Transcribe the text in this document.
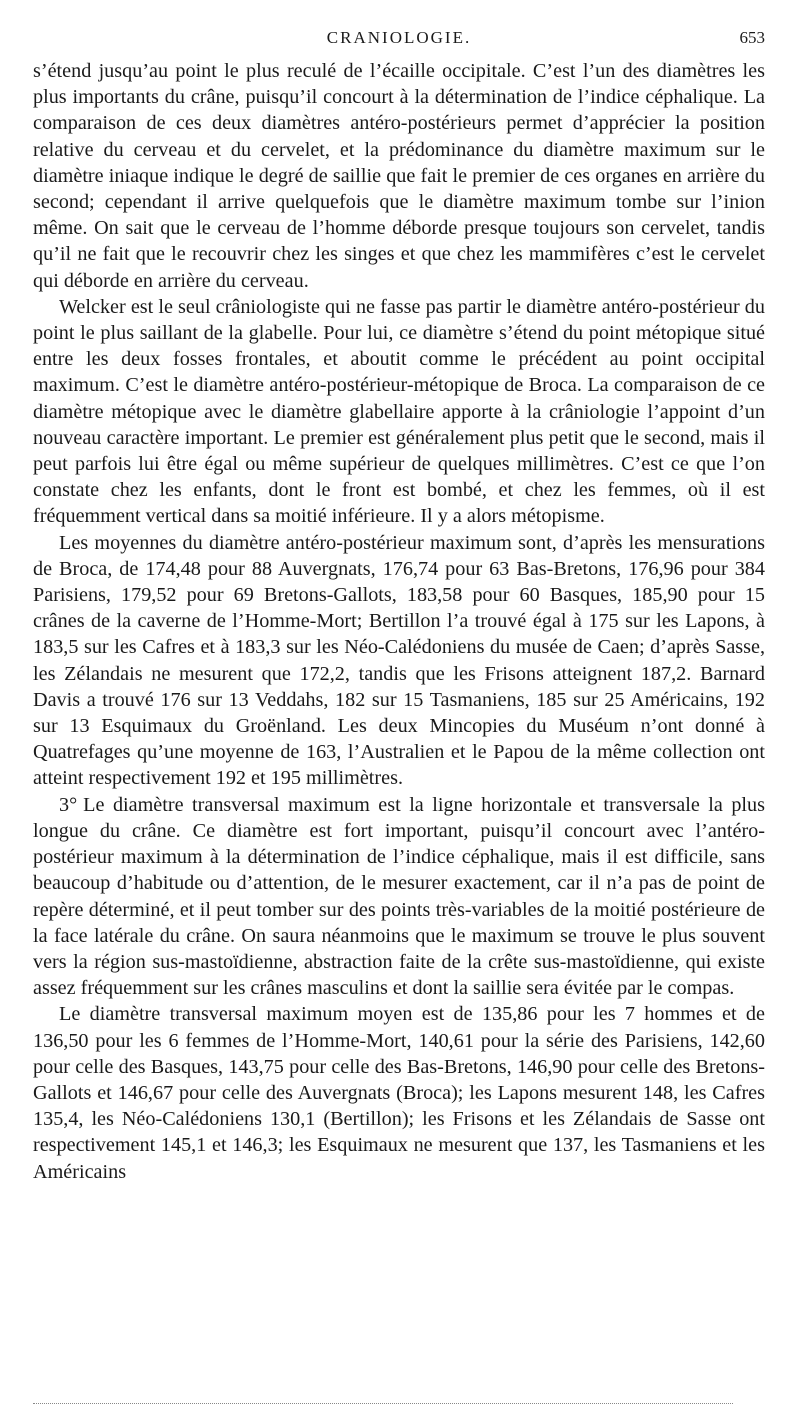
CRANIOLOGIE.	653

s’étend jusqu’au point le plus reculé de l’écaille occipitale. C’est l’un des diamètres les plus importants du crâne, puisqu’il concourt à la détermination de l’indice céphalique. La comparaison de ces deux diamètres antéro-postérieurs permet d’apprécier la position relative du cerveau et du cervelet, et la prédominance du diamètre maximum sur le diamètre iniaque indique le degré de saillie que fait le premier de ces organes en arrière du second; cependant il arrive quelquefois que le diamètre maximum tombe sur l’inion même. On sait que le cerveau de l’homme déborde presque toujours son cervelet, tandis qu’il ne fait que le recouvrir chez les singes et que chez les mammifères c’est le cervelet qui déborde en arrière du cerveau.

Welcker est le seul crâniologiste qui ne fasse pas partir le diamètre antéro-postérieur du point le plus saillant de la glabelle. Pour lui, ce diamètre s’étend du point métopique situé entre les deux fosses frontales, et aboutit comme le précédent au point occipital maximum. C’est le diamètre antéro-postérieur-métopique de Broca. La comparaison de ce diamètre métopique avec le diamètre glabellaire apporte à la crâniologie l’appoint d’un nouveau caractère important. Le premier est généralement plus petit que le second, mais il peut parfois lui être égal ou même supérieur de quelques millimètres. C’est ce que l’on constate chez les enfants, dont le front est bombé, et chez les femmes, où il est fréquemment vertical dans sa moitié inférieure. Il y a alors métopisme.

Les moyennes du diamètre antéro-postérieur maximum sont, d’après les mensurations de Broca, de 174,48 pour 88 Auvergnats, 176,74 pour 63 Bas-Bretons, 176,96 pour 384 Parisiens, 179,52 pour 69 Bretons-Gallots, 183,58 pour 60 Basques, 185,90 pour 15 crânes de la caverne de l’Homme-Mort; Bertillon l’a trouvé égal à 175 sur les Lapons, à 183,5 sur les Cafres et à 183,3 sur les Néo-Calédoniens du musée de Caen; d’après Sasse, les Zélandais ne mesurent que 172,2, tandis que les Frisons atteignent 187,2. Barnard Davis a trouvé 176 sur 13 Veddahs, 182 sur 15 Tasmaniens, 185 sur 25 Américains, 192 sur 13 Esquimaux du Groënland. Les deux Mincopies du Muséum n’ont donné à Quatrefages qu’une moyenne de 163, l’Australien et le Papou de la même collection ont atteint respectivement 192 et 195 millimètres.

3° Le diamètre transversal maximum est la ligne horizontale et transversale la plus longue du crâne. Ce diamètre est fort important, puisqu’il concourt avec l’antéro-postérieur maximum à la détermination de l’indice céphalique, mais il est difficile, sans beaucoup d’habitude ou d’attention, de le mesurer exactement, car il n’a pas de point de repère déterminé, et il peut tomber sur des points très-variables de la moitié postérieure de la face latérale du crâne. On saura néanmoins que le maximum se trouve le plus souvent vers la région sus-mastoïdienne, abstraction faite de la crête sus-mastoïdienne, qui existe assez fréquemment sur les crânes masculins et dont la saillie sera évitée par le compas.

Le diamètre transversal maximum moyen est de 135,86 pour les 7 hommes et de 136,50 pour les 6 femmes de l’Homme-Mort, 140,61 pour la série des Parisiens, 142,60 pour celle des Basques, 143,75 pour celle des Bas-Bretons, 146,90 pour celle des Bretons-Gallots et 146,67 pour celle des Auvergnats (Broca); les Lapons mesurent 148, les Cafres 135,4, les Néo-Calédoniens 130,1 (Bertillon); les Frisons et les Zélandais de Sasse ont respectivement 145,1 et 146,3; les Esquimaux ne mesurent que 137, les Tasmaniens et les Américains
